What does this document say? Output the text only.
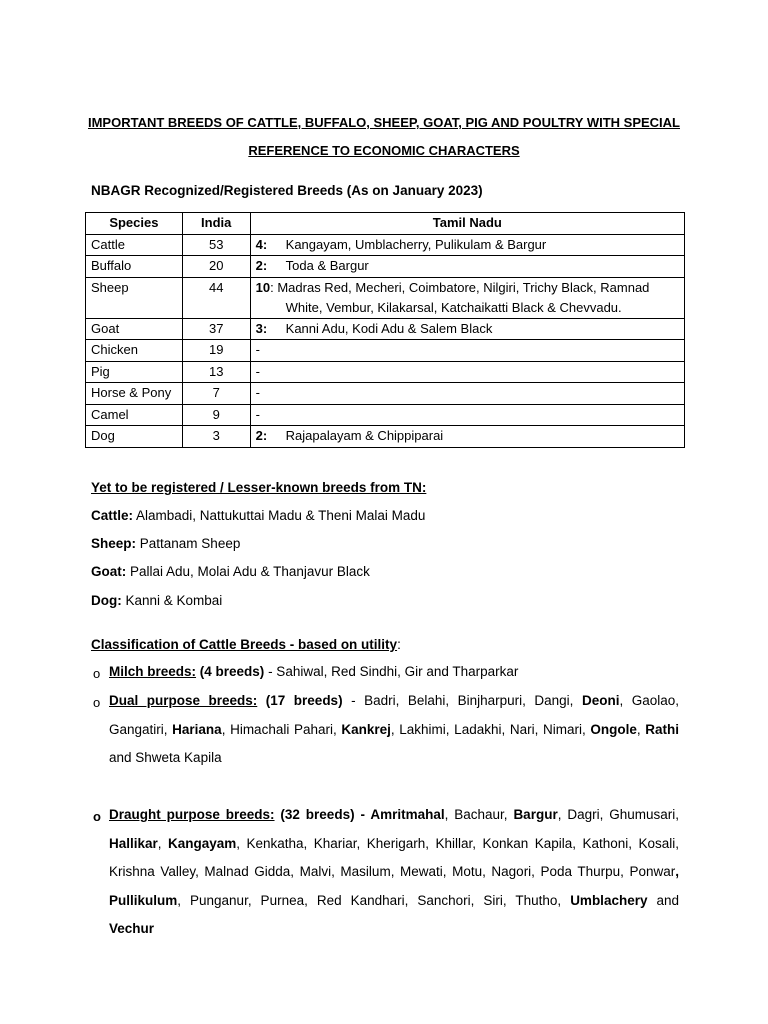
IMPORTANT BREEDS OF CATTLE, BUFFALO, SHEEP, GOAT, PIG AND POULTRY WITH SPECIAL
REFERENCE TO ECONOMIC CHARACTERS
NBAGR Recognized/Registered Breeds (As on January 2023)
Species	India	Tamil Nadu
Cattle	53	4: Kangayam, Umblacherry, Pulikulam & Bargur
Buffalo	20	2: Toda & Bargur
Sheep	44	10: Madras Red, Mecheri, Coimbatore, Nilgiri, Trichy Black, Ramnad
White, Vembur, Kilakarsal, Katchaikatti Black & Chevvadu.

Goat	37	3: Kanni Adu, Kodi Adu & Salem Black
Chicken	19	-
Pig	13	-
Horse & Pony	7	-
Camel	9	-
Dog	3	2: Rajapalayam & Chippiparai
Yet to be registered / Lesser-known breeds from TN:
Cattle: Alambadi, Nattukuttai Madu & Theni Malai Madu
Sheep: Pattanam Sheep
Goat: Pallai Adu, Molai Adu & Thanjavur Black
Dog: Kanni & Kombai
Classification of Cattle Breeds - based on utility:
o Milch breeds: (4 breeds) - Sahiwal, Red Sindhi, Gir and Tharparkar
o Dual purpose breeds: (17 breeds) - Badri, Belahi, Binjharpuri, Dangi, Deoni, Gaolao, Gangatiri, Hariana, Himachali Pahari, Kankrej, Lakhimi, Ladakhi, Nari, Nimari, Ongole, Rathi and Shweta Kapila
o Draught purpose breeds: (32 breeds) - Amritmahal, Bachaur, Bargur, Dagri, Ghumusari, Hallikar, Kangayam, Kenkatha, Khariar, Kherigarh, Khillar, Konkan Kapila, Kathoni, Kosali, Krishna Valley, Malnad Gidda, Malvi, Masilum, Mewati, Motu, Nagori, Poda Thurpu, Ponwar, Pullikulum, Punganur, Purnea, Red Kandhari, Sanchori, Siri, Thutho, Umblachery and Vechur
